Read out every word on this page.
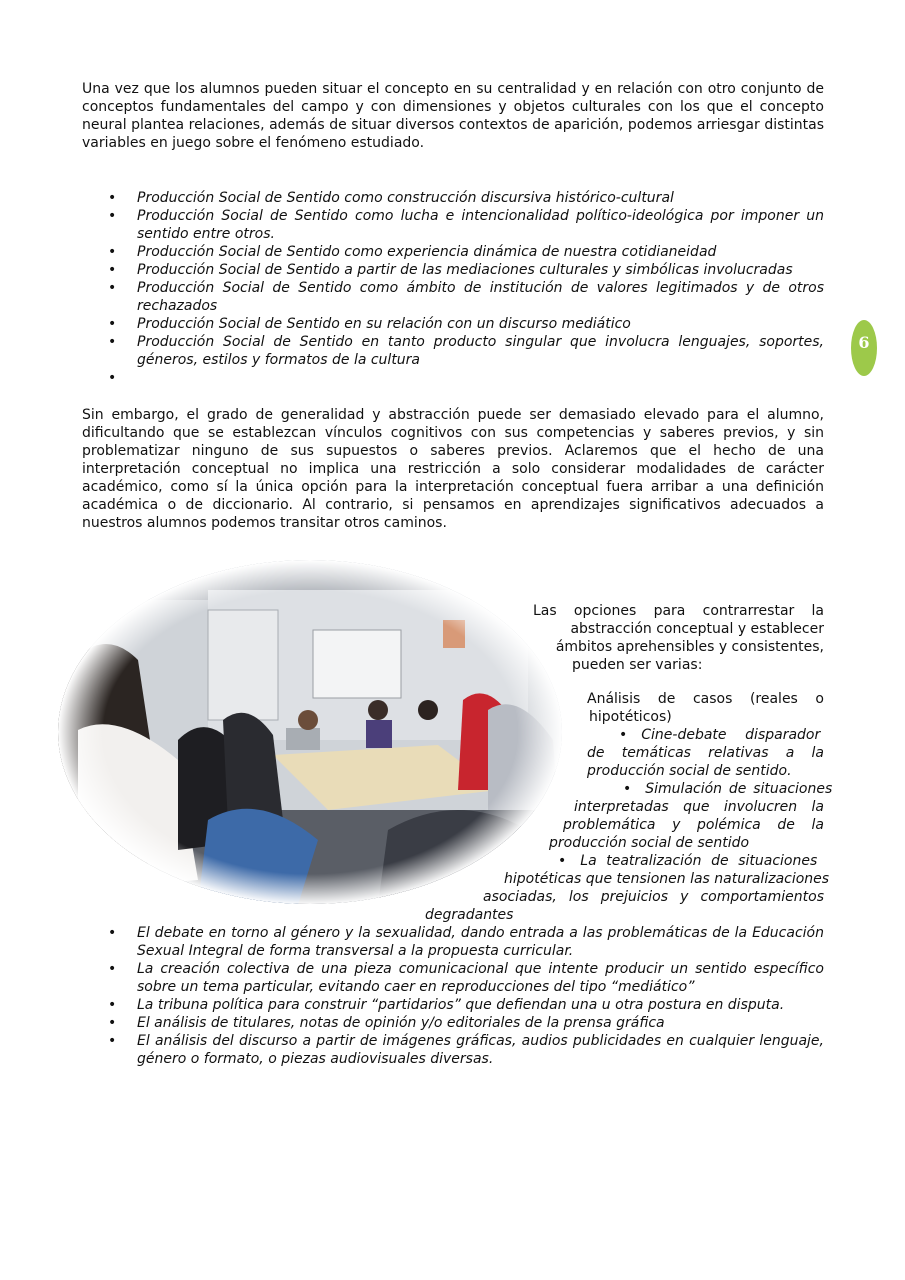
Una vez que los alumnos pueden situar el concepto en su centralidad y en relación con otro conjunto de conceptos fundamentales del campo y con dimensiones y objetos culturales con los que el concepto neural plantea relaciones, además de situar diversos contextos de aparición, podemos arriesgar distintas variables en juego sobre el fenómeno estudiado.

• Producción Social de Sentido como construcción discursiva histórico-cultural
• Producción Social de Sentido como lucha e intencionalidad político-ideológica por imponer un sentido entre otros.
• Producción Social de Sentido como experiencia dinámica de nuestra cotidianeidad
• Producción Social de Sentido a partir de las mediaciones culturales y simbólicas involucradas
• Producción Social de Sentido como ámbito de institución de valores legitimados y de otros rechazados
• Producción Social de Sentido en su relación con un discurso mediático
• Producción Social de Sentido en tanto producto singular que involucra lenguajes, soportes, géneros, estilos y formatos de la cultura
•
6

Sin embargo, el grado de generalidad y abstracción puede ser demasiado elevado para el alumno, dificultando que se establezcan vínculos cognitivos con sus competencias y saberes previos, y sin problematizar ninguno de sus supuestos o saberes previos. Aclaremos que el hecho de una interpretación conceptual no implica una restricción a solo considerar modalidades de carácter académico, como sí la única opción para la interpretación conceptual fuera arribar a una definición académica o de diccionario. Al contrario, si pensamos en aprendizajes significativos adecuados a nuestros alumnos podemos transitar otros caminos.

Las opciones para contrarrestar la
abstracción conceptual y establecer
ámbitos aprehensibles y consistentes,
pueden ser varias:
Análisis de casos (reales o
hipotéticos)
• Cine-debate disparador
de temáticas relativas a la
producción social de sentido.
• Simulación de situaciones
interpretadas que involucren la
problemática y polémica de la
producción social de sentido
• La teatralización de situaciones
hipotéticas que tensionen las naturalizaciones
asociadas, los prejuicios y comportamientos
degradantes
• El debate en torno al género y la sexualidad, dando entrada a las problemáticas de la Educación Sexual Integral de forma transversal a la propuesta curricular.
• La creación colectiva de una pieza comunicacional que intente producir un sentido específico sobre un tema particular, evitando caer en reproducciones del tipo “mediático”
• La tribuna política para construir “partidarios” que defiendan una u otra postura en disputa.
• El análisis de titulares, notas de opinión y/o editoriales de la prensa gráfica
• El análisis del discurso a partir de imágenes gráficas, audios publicidades en cualquier lenguaje, género o formato, o piezas audiovisuales diversas.
